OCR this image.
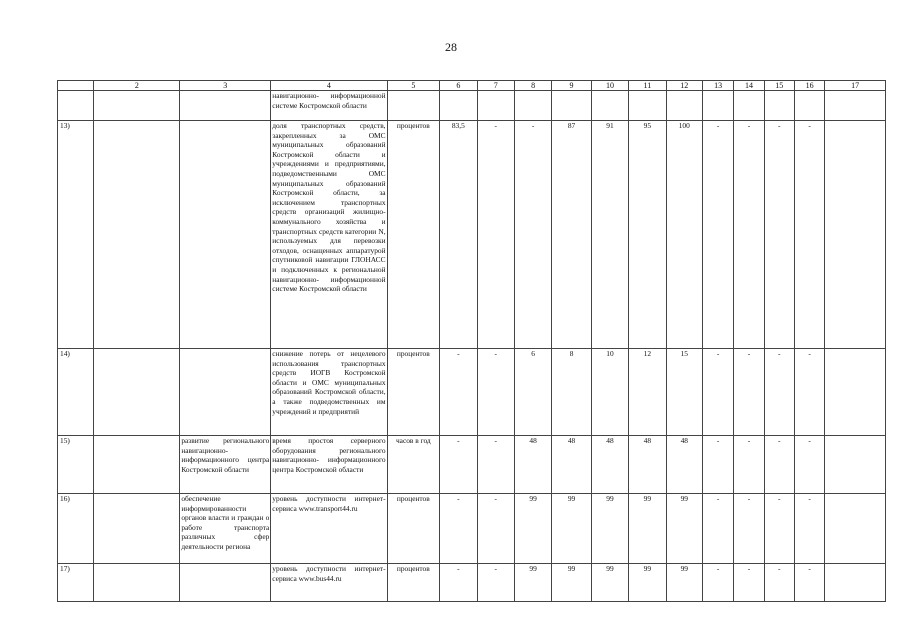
28
	2	3	4	5	6	7	8	9	10	11	12	13	14	15	16	17
			навигационно- информационной системе Костромской области													
13)			доля транспортных средств, закрепленных за ОМС муниципальных образований Костромской области и учреждениями и предприятиями, подведомственными ОМС муниципальных образований Костромской области, за исключением транспортных средств организаций жилищно-коммунального хозяйства и транспортных средств категории N, используемых для перевозки отходов, оснащенных аппаратурой спутниковой навигации ГЛОНАСС и подключенных к региональной навигационно- информационной системе Костромской области	процентов	83,5	-	-	87	91	95	100	-	-	-	-	
14)			снижение потерь от нецелевого использования транспортных средств ИОГВ Костромской области и ОМС муниципальных образований Костромской области, а также подведомственных им учреждений и предприятий	процентов	-	-	6	8	10	12	15	-	-	-	-	
15)		развитие регионального навигационно- информационного центра Костромской области	время простоя серверного оборудования регионального навигационно- информационного центра Костромской области	часов в год	-	-	48	48	48	48	48	-	-	-	-	
16)		обеспечение информированности органов власти и граждан о работе транспорта различных сфер деятельности региона	уровень доступности интернет-сервиса www.transport44.ru	процентов	-	-	99	99	99	99	99	-	-	-	-	
17)			уровень доступности интернет-сервиса www.bus44.ru	процентов	-	-	99	99	99	99	99	-	-	-	-	
